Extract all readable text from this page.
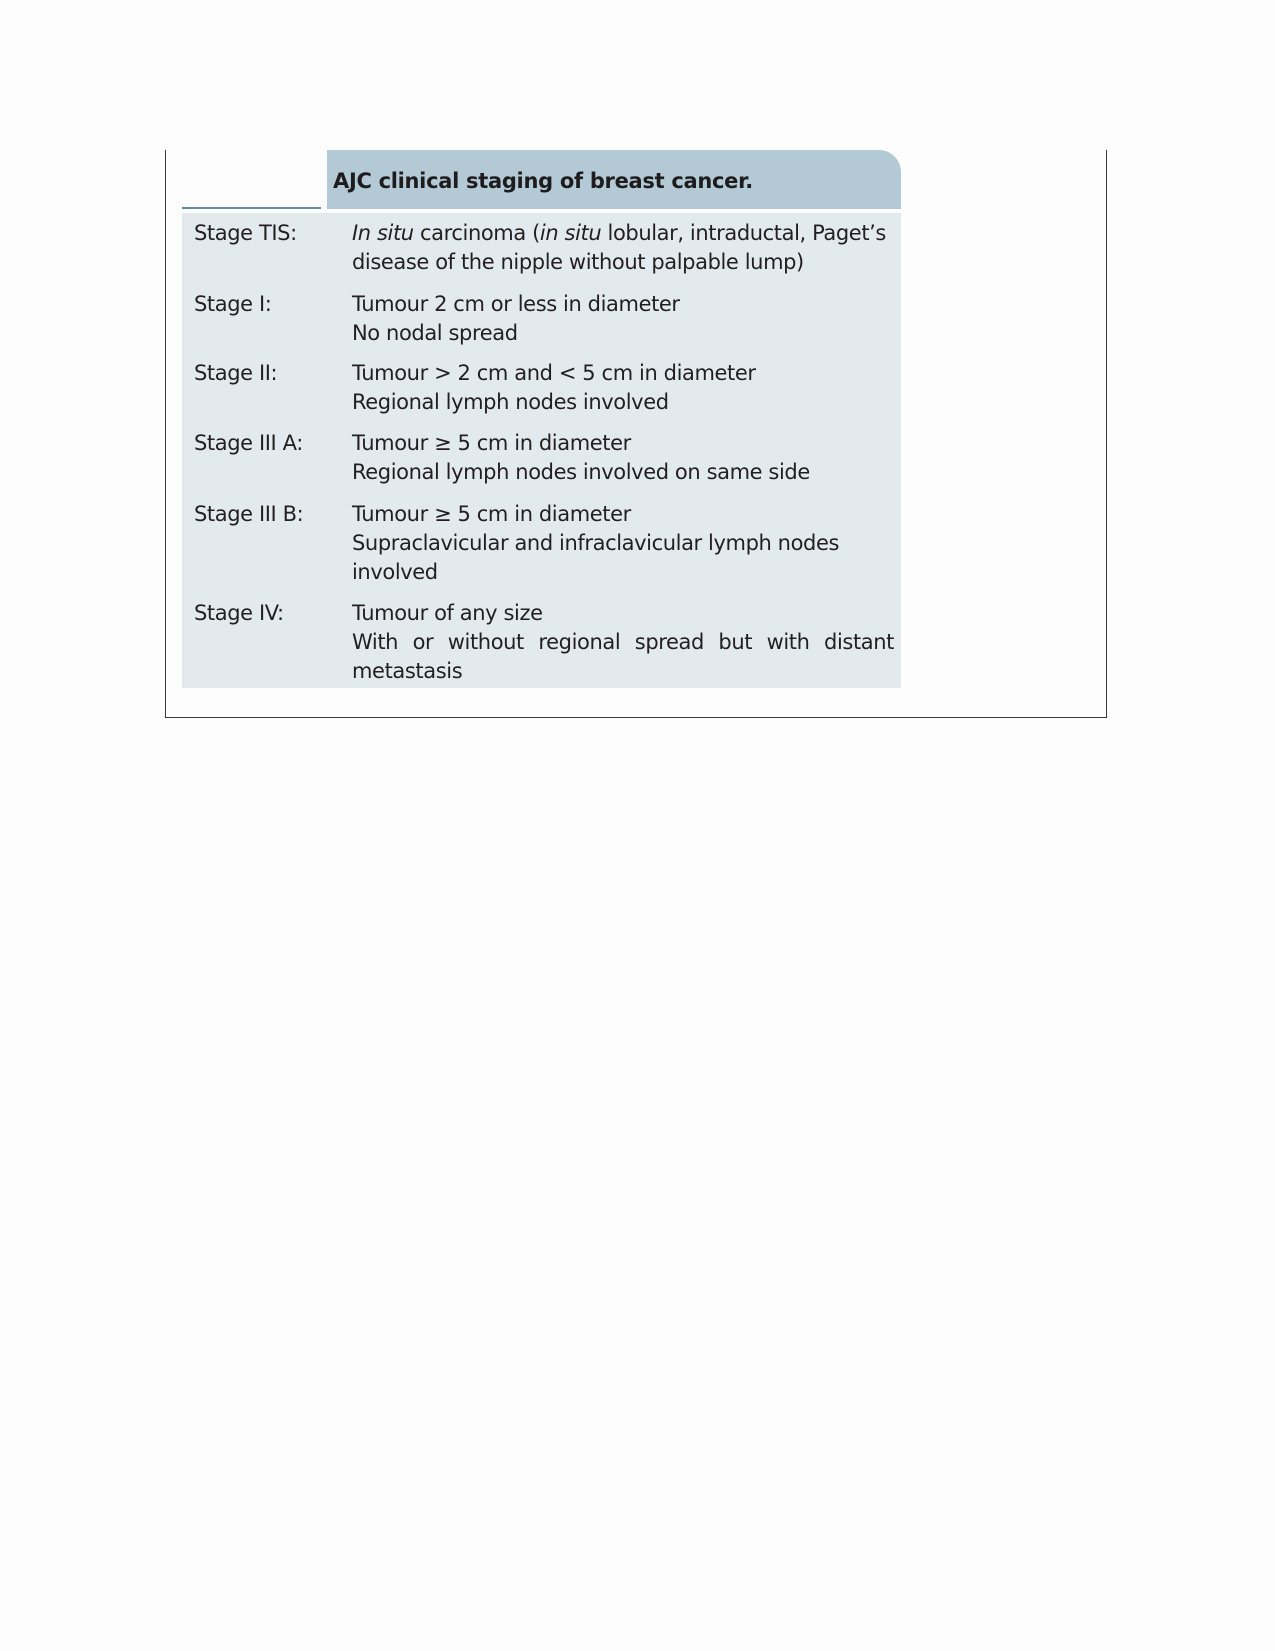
AJC clinical staging of breast cancer.
Stage TIS:	In situ carcinoma (in situ lobular, intraductal, Paget’s
disease of the nipple without palpable lump)
Stage I:	Tumour 2 cm or less in diameter
No nodal spread
Stage II:	Tumour > 2 cm and < 5 cm in diameter
Regional lymph nodes involved
Stage III A: Tumour ≥ 5 cm in diameter
Regional lymph nodes involved on same side
Stage III B: Tumour ≥ 5 cm in diameter
Supraclavicular and infraclavicular lymph nodes
involved
Stage IV:	Tumour of any size
With or without regional spread but with distant
metastasis
